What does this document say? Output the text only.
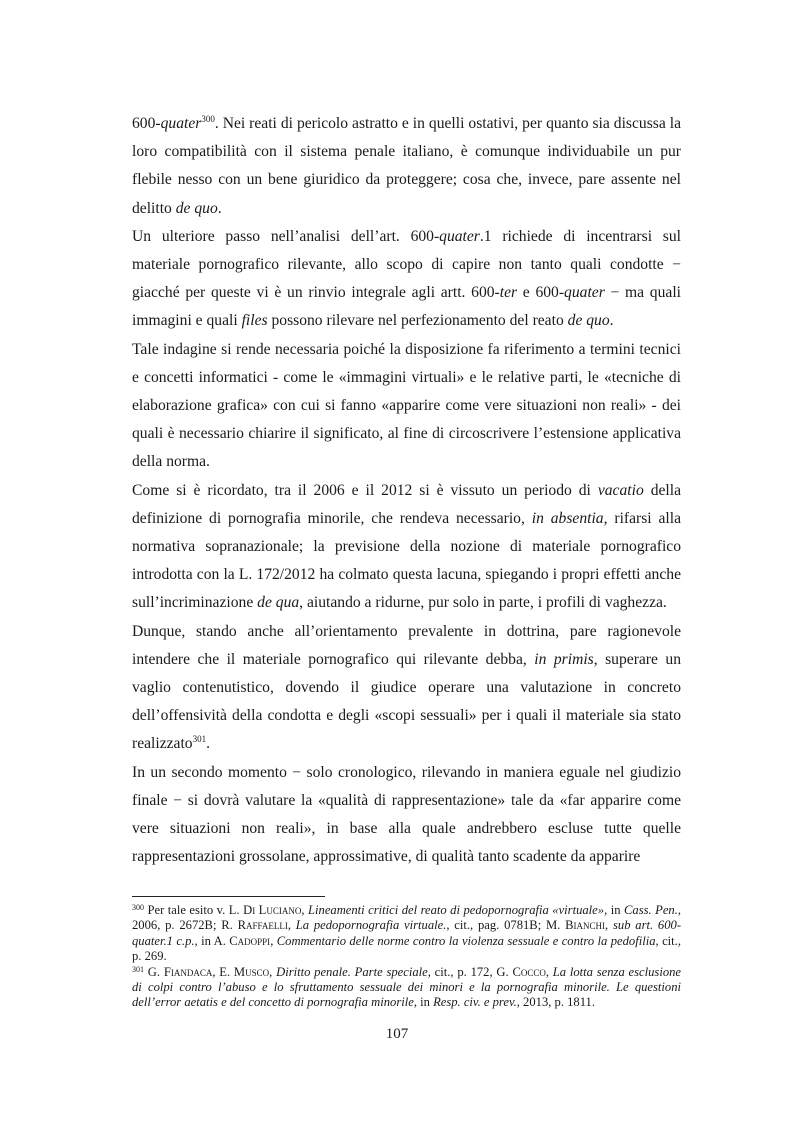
600-quater$^{300}$. Nei reati di pericolo astratto e in quelli ostativi, per quanto sia discussa la loro compatibilità con il sistema penale italiano, è comunque individuabile un pur flebile nesso con un bene giuridico da proteggere; cosa che, invece, pare assente nel delitto de quo.

Un ulteriore passo nell’analisi dell’art. 600-quater.1 richiede di incentrarsi sul materiale pornografico rilevante, allo scopo di capire non tanto quali condotte − giacché per queste vi è un rinvio integrale agli artt. 600-ter e 600-quater − ma quali immagini e quali files possono rilevare nel perfezionamento del reato de quo.

Tale indagine si rende necessaria poiché la disposizione fa riferimento a termini tecnici e concetti informatici - come le «immagini virtuali» e le relative parti, le «tecniche di elaborazione grafica» con cui si fanno «apparire come vere situazioni non reali» - dei quali è necessario chiarire il significato, al fine di circoscrivere l’estensione applicativa della norma.

Come si è ricordato, tra il 2006 e il 2012 si è vissuto un periodo di vacatio della definizione di pornografia minorile, che rendeva necessario, in absentia, rifarsi alla normativa sopranazionale; la previsione della nozione di materiale pornografico introdotta con la L. 172/2012 ha colmato questa lacuna, spiegando i propri effetti anche sull’incriminazione de qua, aiutando a ridurne, pur solo in parte, i profili di vaghezza.

Dunque, stando anche all’orientamento prevalente in dottrina, pare ragionevole intendere che il materiale pornografico qui rilevante debba, in primis, superare un vaglio contenutistico, dovendo il giudice operare una valutazione in concreto dell’offensività della condotta e degli «scopi sessuali» per i quali il materiale sia stato realizzato$^{301}$.

In un secondo momento − solo cronologico, rilevando in maniera eguale nel giudizio finale − si dovrà valutare la «qualità di rappresentazione» tale da «far apparire come vere situazioni non reali», in base alla quale andrebbero escluse tutte quelle rappresentazioni grossolane, approssimative, di qualità tanto scadente da apparire

$^{300}$ Per tale esito v. L. Di Luciano, Lineamenti critici del reato di pedopornografia «virtuale», in Cass. Pen., 2006, p. 2672B; R. Raffaelli, La pedopornografia virtuale., cit., pag. 0781B; M. Bianchi, sub art. 600-quater.1 c.p., in A. Cadoppi, Commentario delle norme contro la violenza sessuale e contro la pedofilia, cit., p. 269.

$^{301}$ G. Fiandaca, E. Musco, Diritto penale. Parte speciale, cit., p. 172, G. Cocco, La lotta senza esclusione di colpi contro l’abuso e lo sfruttamento sessuale dei minori e la pornografia minorile. Le questioni dell’error aetatis e del concetto di pornografia minorile, in Resp. civ. e prev., 2013, p. 1811.

107
